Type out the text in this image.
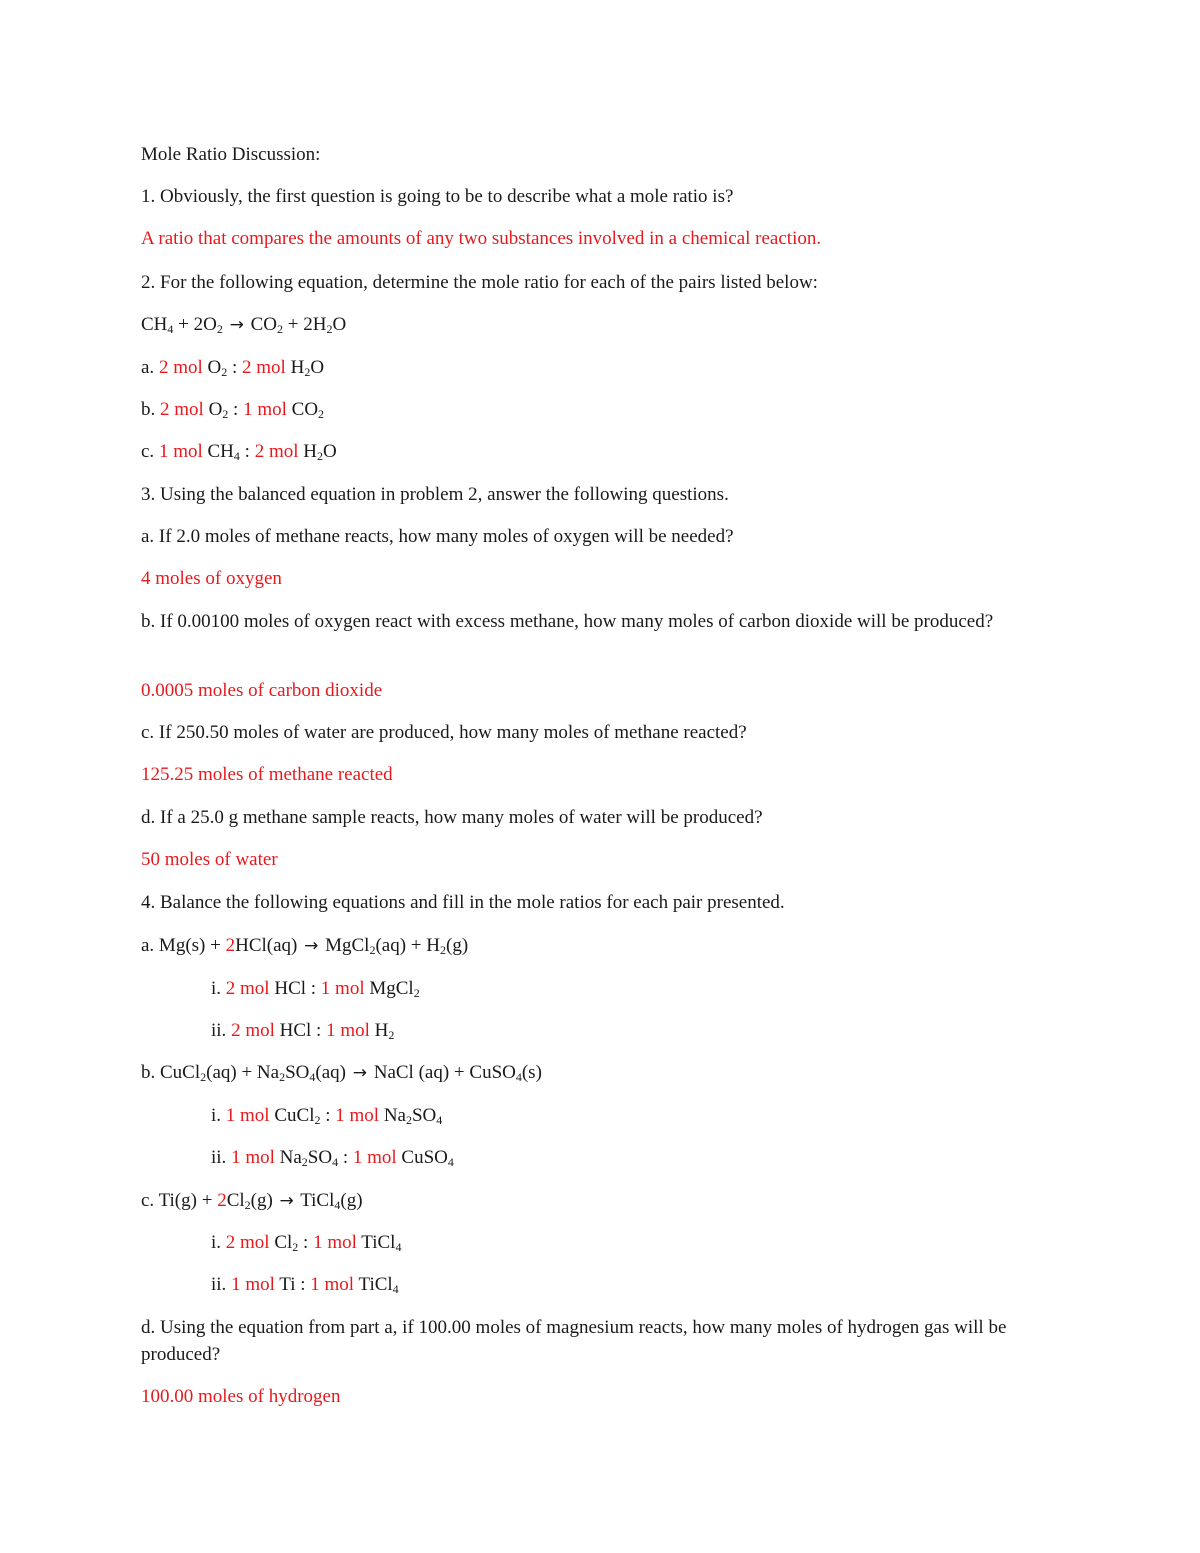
Mole Ratio Discussion:
1. Obviously, the first question is going to be to describe what a mole ratio is?
A ratio that compares the amounts of any two substances involved in a chemical reaction.
2. For the following equation, determine the mole ratio for each of the pairs listed below:
$CH_4 + 2O_2 \to CO_2 + 2H_2O$
a. 2 mol $O_2$ : 2 mol $H_2O$
b. 2 mol $O_2$ : 1 mol $CO_2$
c. 1 mol $CH_4$ : 2 mol $H_2O$
3. Using the balanced equation in problem 2, answer the following questions.
a. If 2.0 moles of methane reacts, how many moles of oxygen will be needed?
4 moles of oxygen
b. If 0.00100 moles of oxygen react with excess methane, how many moles of carbon dioxide will be produced?
0.0005 moles of carbon dioxide
c. If 250.50 moles of water are produced, how many moles of methane reacted?
125.25 moles of methane reacted
d. If a 25.0 g methane sample reacts, how many moles of water will be produced?
50 moles of water
4. Balance the following equations and fill in the mole ratios for each pair presented.
a. Mg(s) + 2HCl(aq) → MgCl$_2$(aq) + $H_2(g)$
i. 2 mol HCl : 1 mol MgCl$_2$
ii. 2 mol HCl : 1 mol $H_2$
b. CuCl$_2$(aq) + $Na_2SO_4(aq)$ → NaCl (aq) + CuSO$_4$(s)
i. 1 mol CuCl$_2$ : 1 mol $Na_2SO_4$
ii. 1 mol $Na_2SO_4$ : 1 mol CuSO$_4$
c. $Ti(g) + 2Cl_2(g)$ → TiCl$_4$(g)
i. 2 mol $Cl_2$ : 1 mol TiCl$_4$
ii. 1 mol Ti : 1 mol TiCl$_4$
d. Using the equation from part a, if 100.00 moles of magnesium reacts, how many moles of hydrogen gas will be produced?
100.00 moles of hydrogen
